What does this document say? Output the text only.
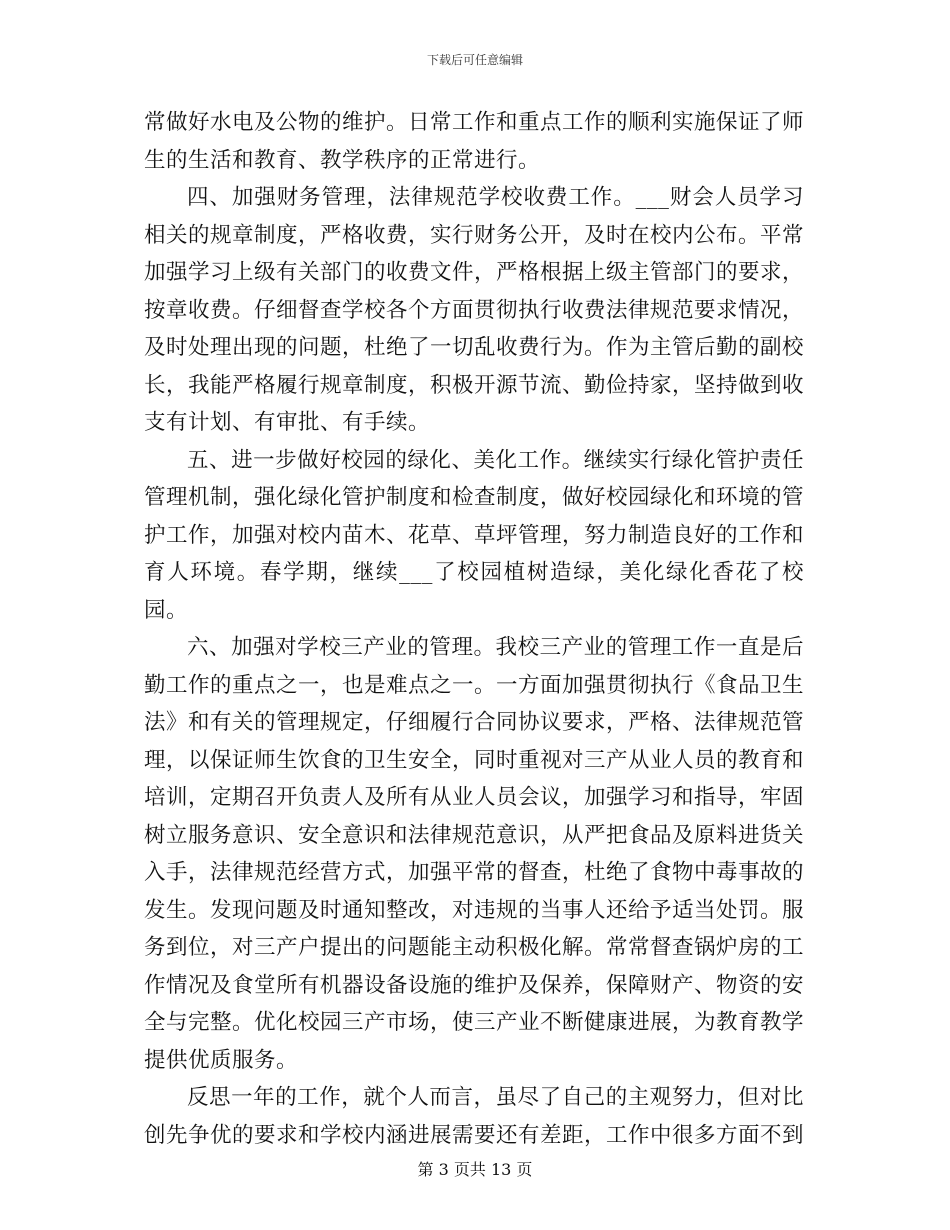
下载后可任意编辑

常做好水电及公物的维护。日常工作和重点工作的顺利实施保证了师生的生活和教育、教学秩序的正常进行。

四、加强财务管理，法律规范学校收费工作。___财会人员学习相关的规章制度，严格收费，实行财务公开，及时在校内公布。平常加强学习上级有关部门的收费文件，严格根据上级主管部门的要求，按章收费。仔细督查学校各个方面贯彻执行收费法律规范要求情况，及时处理出现的问题，杜绝了一切乱收费行为。作为主管后勤的副校长，我能严格履行规章制度，积极开源节流、勤俭持家，坚持做到收支有计划、有审批、有手续。

五、进一步做好校园的绿化、美化工作。继续实行绿化管护责任管理机制，强化绿化管护制度和检查制度，做好校园绿化和环境的管护工作，加强对校内苗木、花草、草坪管理，努力制造良好的工作和育人环境。春学期，继续___了校园植树造绿，美化绿化香花了校园。

六、加强对学校三产业的管理。我校三产业的管理工作一直是后勤工作的重点之一，也是难点之一。一方面加强贯彻执行《食品卫生法》和有关的管理规定，仔细履行合同协议要求，严格、法律规范管理，以保证师生饮食的卫生安全，同时重视对三产从业人员的教育和培训，定期召开负责人及所有从业人员会议，加强学习和指导，牢固树立服务意识、安全意识和法律规范意识，从严把食品及原料进货关入手，法律规范经营方式，加强平常的督查，杜绝了食物中毒事故的发生。发现问题及时通知整改，对违规的当事人还给予适当处罚。服务到位，对三产户提出的问题能主动积极化解。常常督查锅炉房的工作情况及食堂所有机器设备设施的维护及保养，保障财产、物资的安全与完整。优化校园三产市场，使三产业不断健康进展，为教育教学提供优质服务。

反思一年的工作，就个人而言，虽尽了自己的主观努力，但对比创先争优的要求和学校内涵进展需要还有差距，工作中很多方面不到

第 3 页共 13 页
